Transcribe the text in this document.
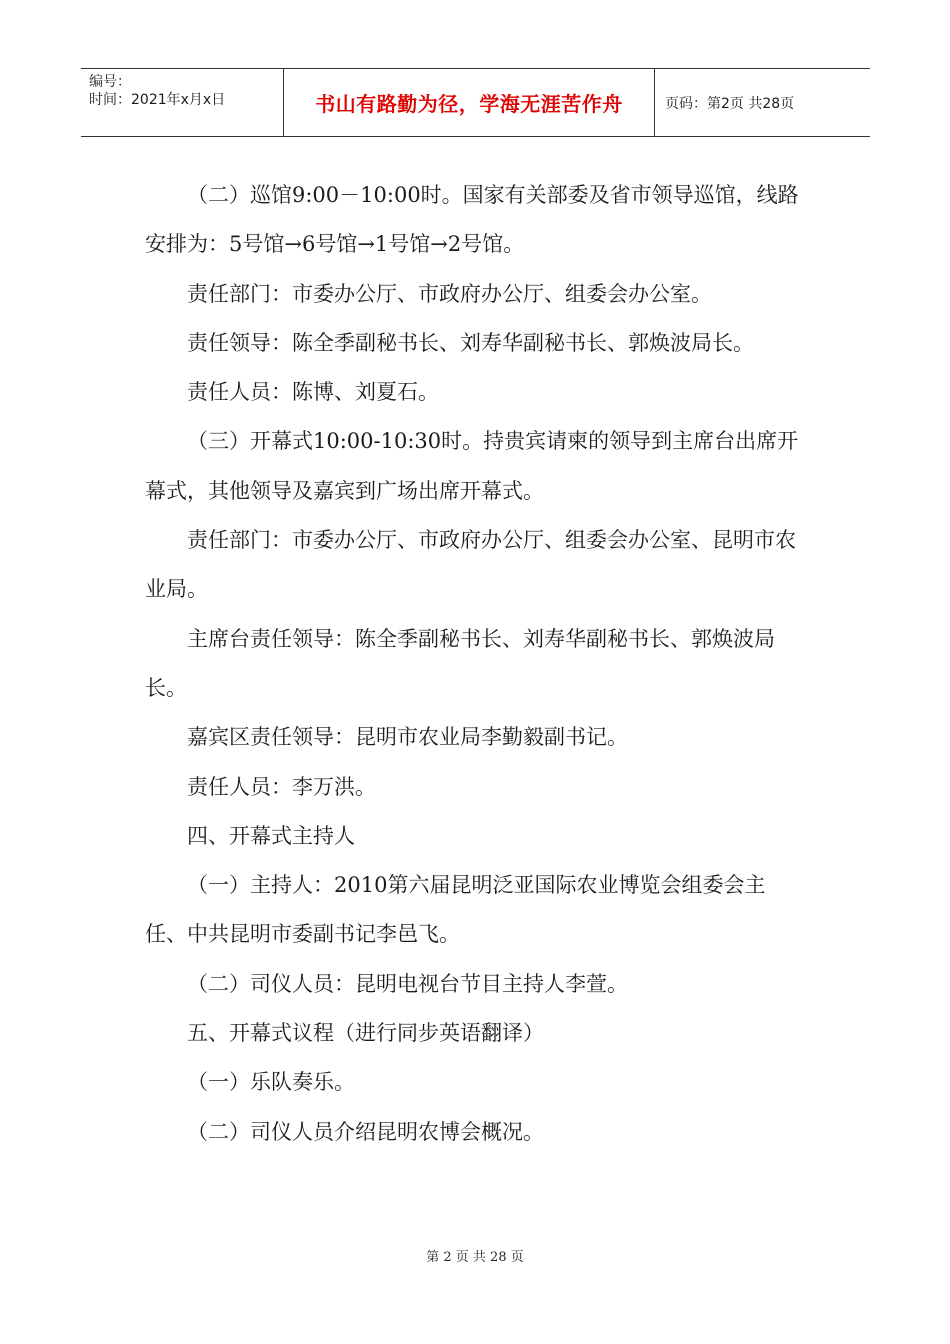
编号：
时间：2021年x月x日	书山有路勤为径，学海无涯苦作舟	页码：第2页 共28页

（二）巡馆9:00－10:00时。国家有关部委及省市领导巡馆，线路安排为：5号馆→6号馆→1号馆→2号馆。

责任部门：市委办公厅、市政府办公厅、组委会办公室。

责任领导：陈全季副秘书长、刘寿华副秘书长、郭焕波局长。

责任人员：陈博、刘夏石。

（三）开幕式10:00-10:30时。持贵宾请柬的领导到主席台出席开幕式，其他领导及嘉宾到广场出席开幕式。

责任部门：市委办公厅、市政府办公厅、组委会办公室、昆明市农业局。

主席台责任领导：陈全季副秘书长、刘寿华副秘书长、郭焕波局长。

嘉宾区责任领导：昆明市农业局李勤毅副书记。

责任人员：李万洪。

四、开幕式主持人

（一）主持人：2010第六届昆明泛亚国际农业博览会组委会主任、中共昆明市委副书记李邑飞。

（二）司仪人员：昆明电视台节目主持人李萱。

五、开幕式议程（进行同步英语翻译）

（一）乐队奏乐。

（二）司仪人员介绍昆明农博会概况。

第 2 页 共 28 页
